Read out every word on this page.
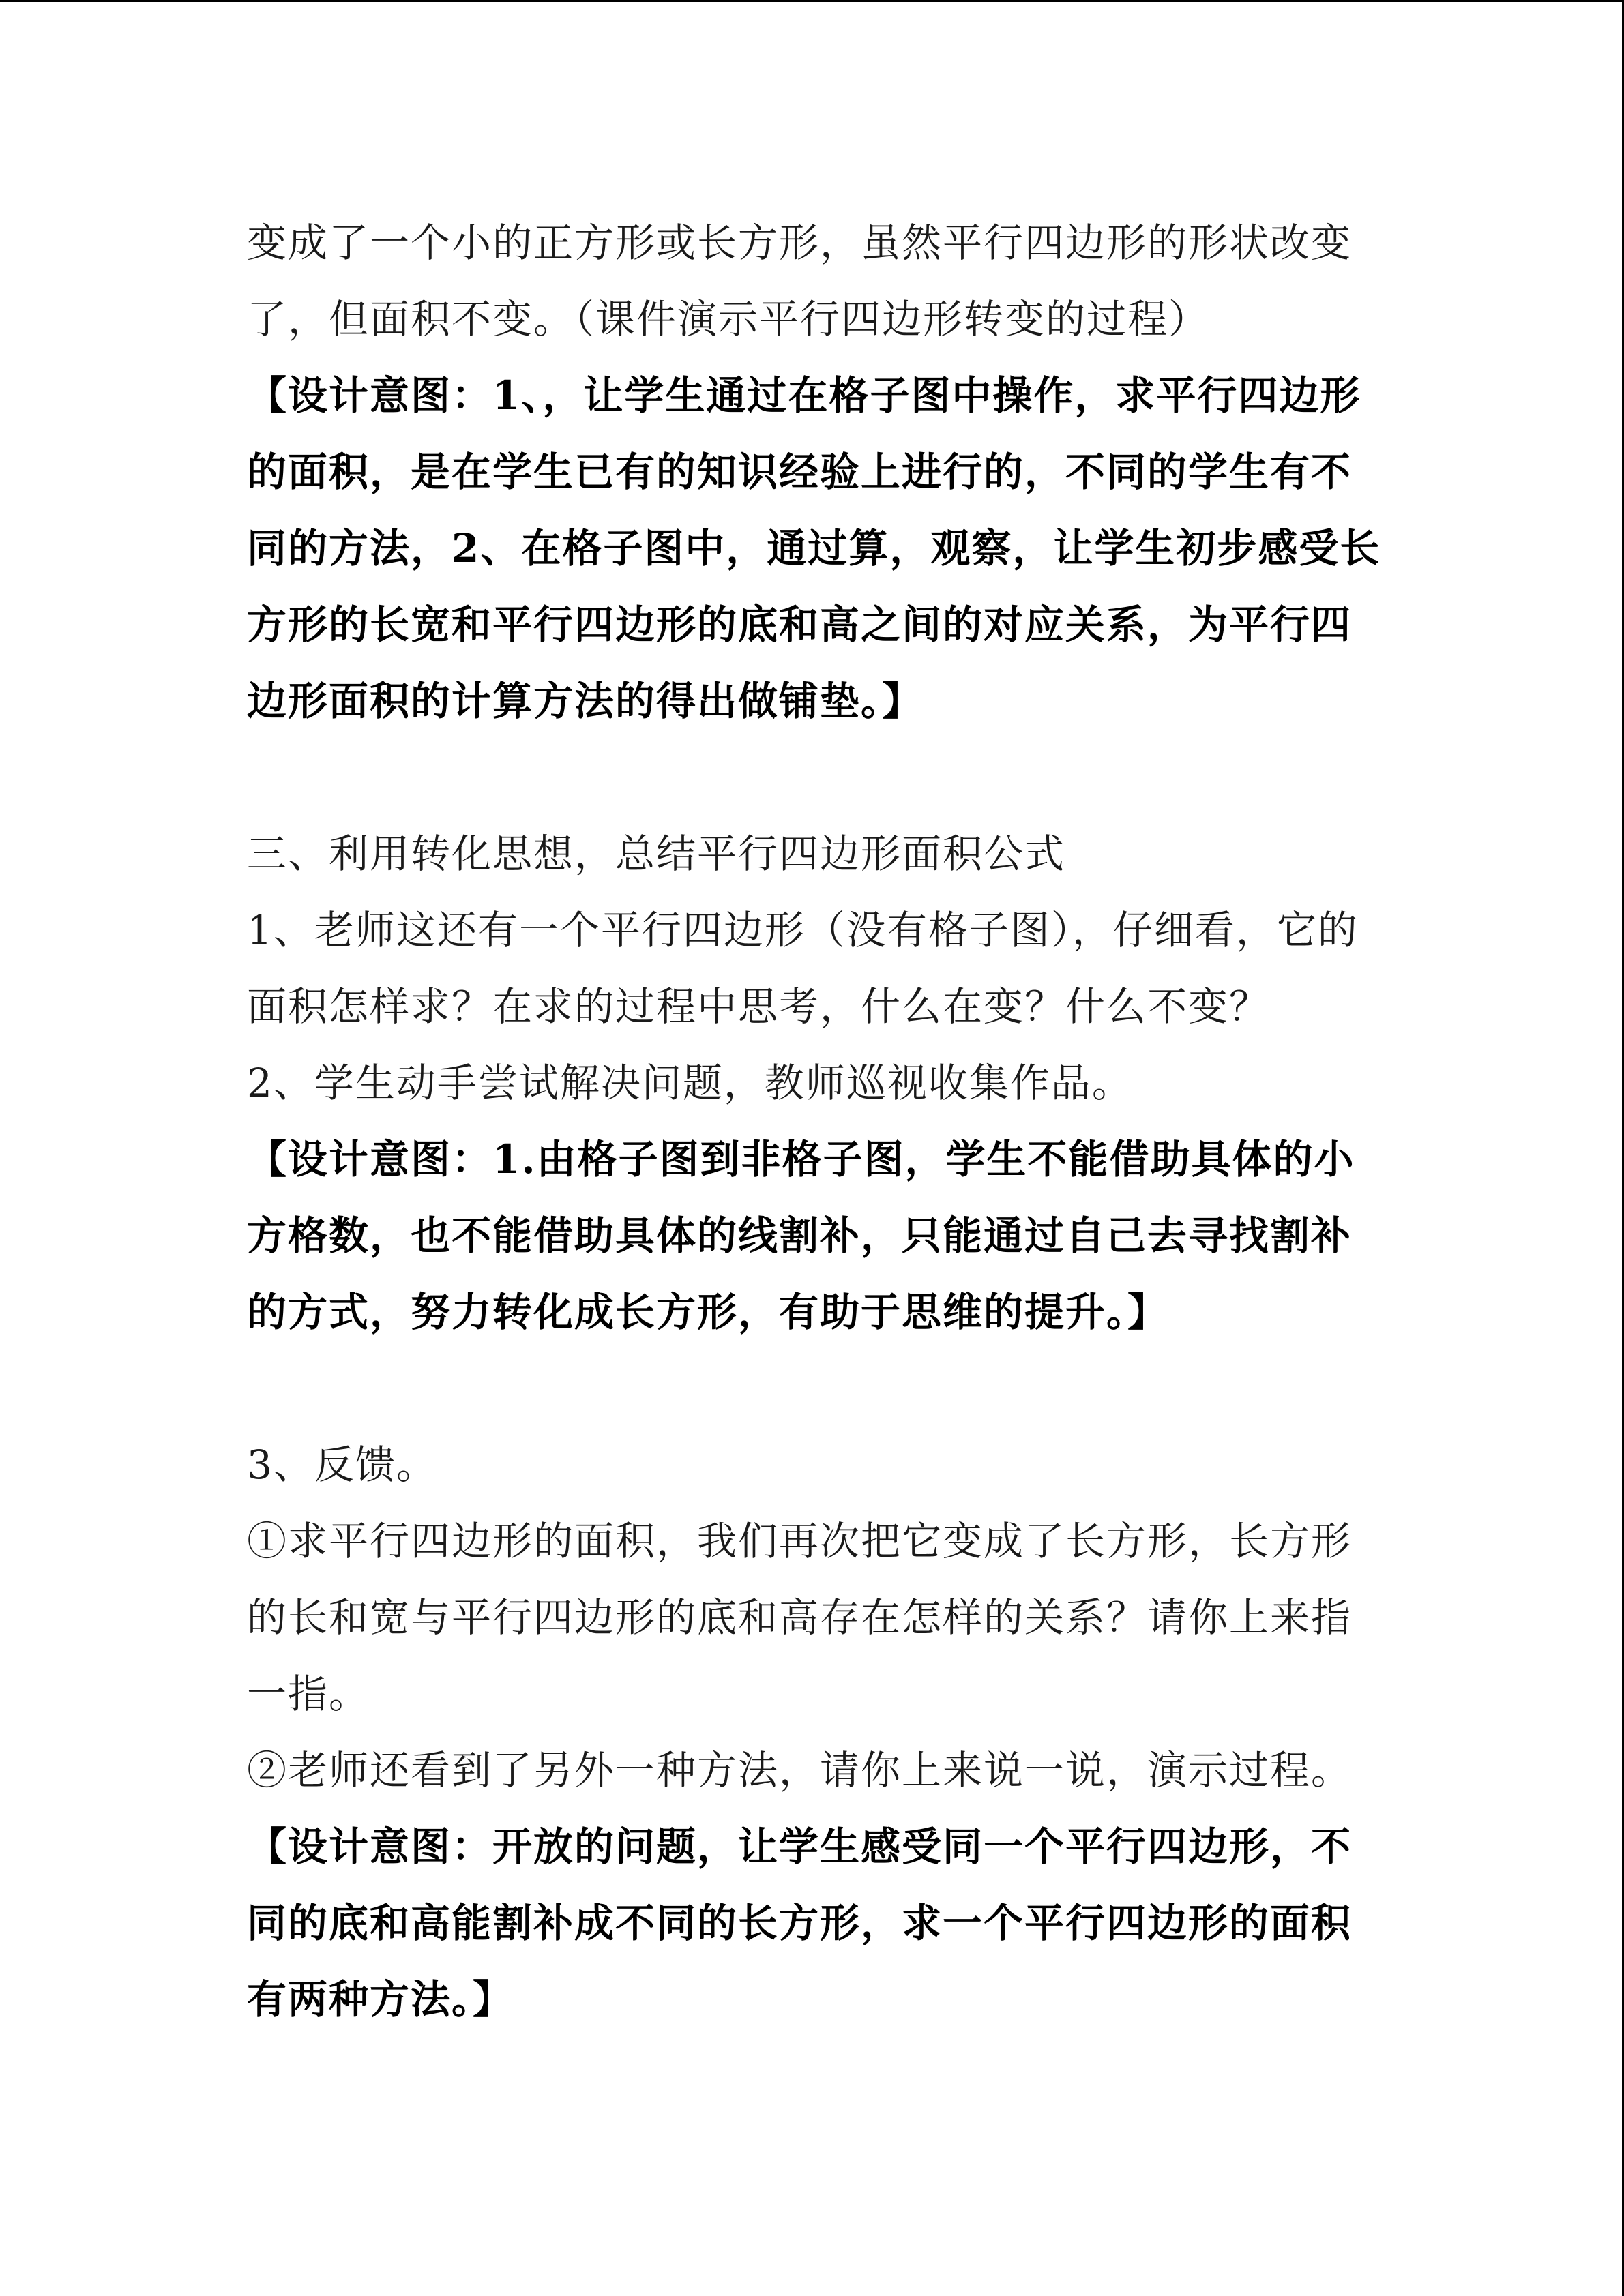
变成了一个小的正方形或长方形，虽然平行四边形的形状改变
了，但面积不变。（课件演示平行四边形转变的过程）
【设计意图：1、，让学生通过在格子图中操作，求平行四边形
的面积，是在学生已有的知识经验上进行的，不同的学生有不
同的方法，2、在格子图中，通过算，观察，让学生初步感受长
方形的长宽和平行四边形的底和高之间的对应关系，为平行四
边形面积的计算方法的得出做铺垫。】
三、利用转化思想，总结平行四边形面积公式
1、老师这还有一个平行四边形（没有格子图），仔细看，它的
面积怎样求？在求的过程中思考，什么在变？什么不变？
2、学生动手尝试解决问题，教师巡视收集作品。
【设计意图：1.由格子图到非格子图，学生不能借助具体的小
方格数，也不能借助具体的线割补，只能通过自己去寻找割补
的方式，努力转化成长方形，有助于思维的提升。】
3、反馈。
①求平行四边形的面积，我们再次把它变成了长方形，长方形
的长和宽与平行四边形的底和高存在怎样的关系？请你上来指
一指。
②老师还看到了另外一种方法，请你上来说一说，演示过程。
【设计意图：开放的问题，让学生感受同一个平行四边形，不
同的底和高能割补成不同的长方形，求一个平行四边形的面积
有两种方法。】
